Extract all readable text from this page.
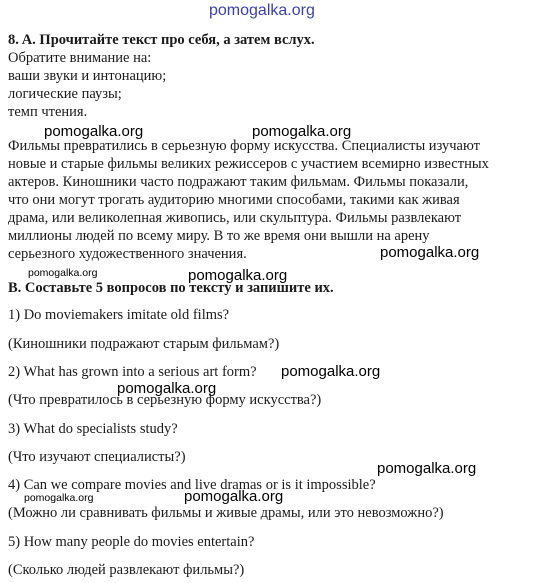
pomogalka.org
pomogalka.org	pomogalka.org
pomogalka.org
pomogalka.org	pomogalka.org
pomogalka.org
pomogalka.org
pomogalka.org
pomogalka.org	pomogalka.org
8. A. Прочитайте текст про себя, а затем вслух.
Обратите внимание на:
ваши звуки и интонацию;
логические паузы;
темп чтения.
Фильмы превратились в серьезную форму искусства. Специалисты изучают
новые и старые фильмы великих режиссеров с участием всемирно известных
актеров. Киношники часто подражают таким фильмам. Фильмы показали,
что они могут трогать аудиторию многими способами, такими как живая
драма, или великолепная живопись, или скульптура. Фильмы развлекают
миллионы людей по всему миру. В то же время они вышли на арену
серьезного художественного значения.
B. Составьте 5 вопросов по тексту и запишите их.
1) Do moviemakers imitate old films?
(Киношники подражают старым фильмам?)
2) What has grown into a serious art form?
(Что превратилось в серьезную форму искусства?)
3) What do specialists study?
(Что изучают специалисты?)
4) Can we compare movies and live dramas or is it impossible?
(Можно ли сравнивать фильмы и живые драмы, или это невозможно?)
5) How many people do movies entertain?
(Сколько людей развлекают фильмы?)
